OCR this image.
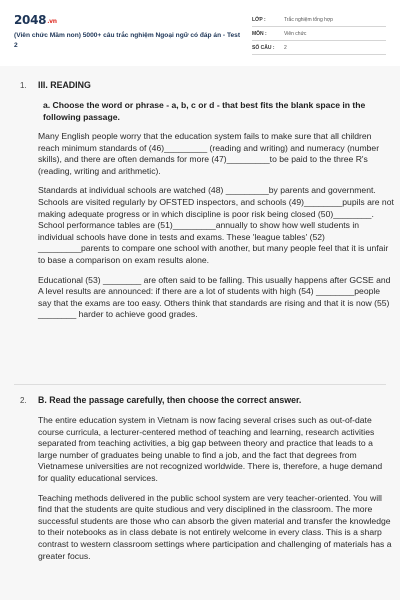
2048.vn
(Viên chức Mầm non) 5000+ câu trắc nghiệm Ngoại ngữ có đáp án - Test 2
LỚP :	Trắc nghiệm tổng hợp
MÔN :	Viên chức
SỐ CÂU : 2
1. III. READING

a. Choose the word or phrase - a, b, c or d - that best fits the blank space in the following passage.

Many English people worry that the education system fails to make sure that all children reach minimum standards of (46)_________ (reading and writing) and numeracy (number skills), and there are often demands for more (47)_________to be paid to the three R's (reading, writing and arithmetic).

Standards at individual schools are watched (48) _________by parents and government. Schools are visited regularly by OFSTED inspectors, and schools (49)________pupils are not making adequate progress or in which discipline is poor risk being closed (50)________. School performance tables are (51)_________annually to show how well students in individual schools have done in tests and exams. These 'league tables' (52) _________parents to compare one school with another, but many people feel that it is unfair to base a comparison on exam results alone.

Educational (53) ________ are often said to be falling. This usually happens after GCSE and A level results are announced: if there are a lot of students with high (54) ________people say that the exams are too easy. Others think that standards are rising and that it is now (55) ________ harder to achieve good grades.

2. B. Read the passage carefully, then choose the correct answer.

The entire education system in Vietnam is now facing several crises such as out-of-date course curricula, a lecturer-centered method of teaching and learning, research activities separated from teaching activities, a big gap between theory and practice that leads to a large number of graduates being unable to find a job, and the fact that degrees from Vietnamese universities are not recognized worldwide. There is, therefore, a huge demand for quality educational services.

Teaching methods delivered in the public school system are very teacher-oriented. You will find that the students are quite studious and very disciplined in the classroom. The more successful students are those who can absorb the given material and transfer the knowledge to their notebooks as in class debate is not entirely welcome in every class. This is a sharp contrast to western classroom settings where participation and challenging of materials has a greater focus.
